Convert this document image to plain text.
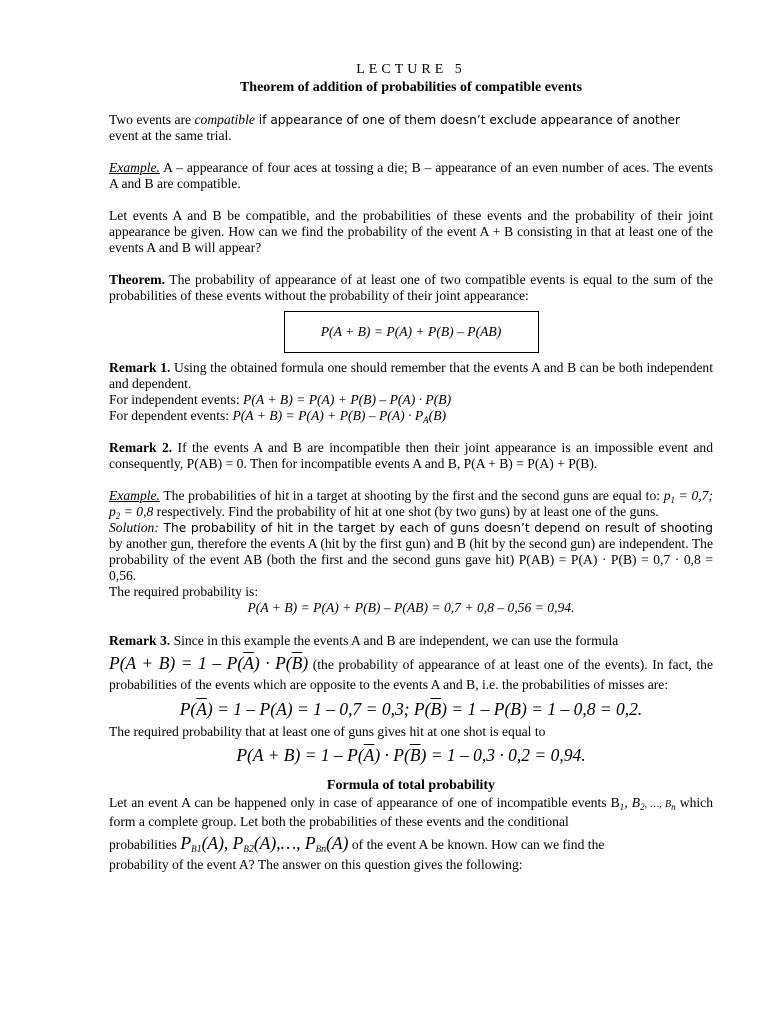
LECTURE 5
Theorem of addition of probabilities of compatible events

Two events are compatible if appearance of one of them doesn’t exclude appearance of another
event at the same trial.

Example. A – appearance of four aces at tossing a die; B – appearance of an even number of aces. The events A and B are compatible.

Let events A and B be compatible, and the probabilities of these events and the probability of their joint appearance be given. How can we find the probability of the event A + B consisting in that at least one of the events A and B will appear?

Theorem. The probability of appearance of at least one of two compatible events is equal to the sum of the probabilities of these events without the probability of their joint appearance:

P(A + B) = P(A) + P(B) – P(AB)

Remark 1. Using the obtained formula one should remember that the events A and B can be both independent and dependent.

For independent events: P(A + B) = P(A) + P(B) – P(A) · P(B)

For dependent events: $P(A + B) = P(A) + P(B) - P(A) \cdot P_A(B)$

Remark 2. If the events A and B are incompatible then their joint appearance is an impossible event and consequently, P(AB) = 0. Then for incompatible events A and B, P(A + B) = P(A) + P(B).

Example. The probabilities of hit in a target at shooting by the first and the second guns are equal to: $p_1 = 0,7$; $p_2 = 0,8$ respectively. Find the probability of hit at one shot (by two guns) by at least one of the guns.

Solution: The probability of hit in the target by each of guns doesn’t depend on result of shooting by another gun, therefore the events A (hit by the first gun) and B (hit by the second gun) are independent. The probability of the event AB (both the first and the second guns gave hit) P(AB) = P(A) · P(B) = 0,7 · 0,8 = 0,56.

The required probability is:

P(A + B) = P(A) + P(B) – P(AB) = 0,7 + 0,8 – 0,56 = 0,94.

Remark 3. Since in this example the events A and B are independent, we can use the formula
$P(A + B) = 1 - P(\overline{A}) \cdot P(\overline{B})$ (the probability of appearance of at least one of the events). In fact, the probabilities of the events which are opposite to the events A and B, i.e. the probabilities of misses are:

$P(\overline{A}) = 1 - P(A) = 1 - 0,7 = 0,3$; $P(\overline{B}) = 1 - P(B) = 1 - 0,8 = 0,2$.

The required probability that at least one of guns gives hit at one shot is equal to

$P(A + B) = 1 - P(\overline{A}) \cdot P(\overline{B}) = 1 - 0,3 \cdot 0,2 = 0,94$.

Formula of total probability

Let an event A can be happened only in case of appearance of one of incompatible events $B_1$, $B_2$, …, $B_n$ which form a complete group. Let both the probabilities of these events and the conditional
probabilities $P_{B1}(A)$, $P_{B2}(A),\dots$, $P_{Bn}(A)$ of the event A be known. How can we find the
probability of the event A? The answer on this question gives the following:
